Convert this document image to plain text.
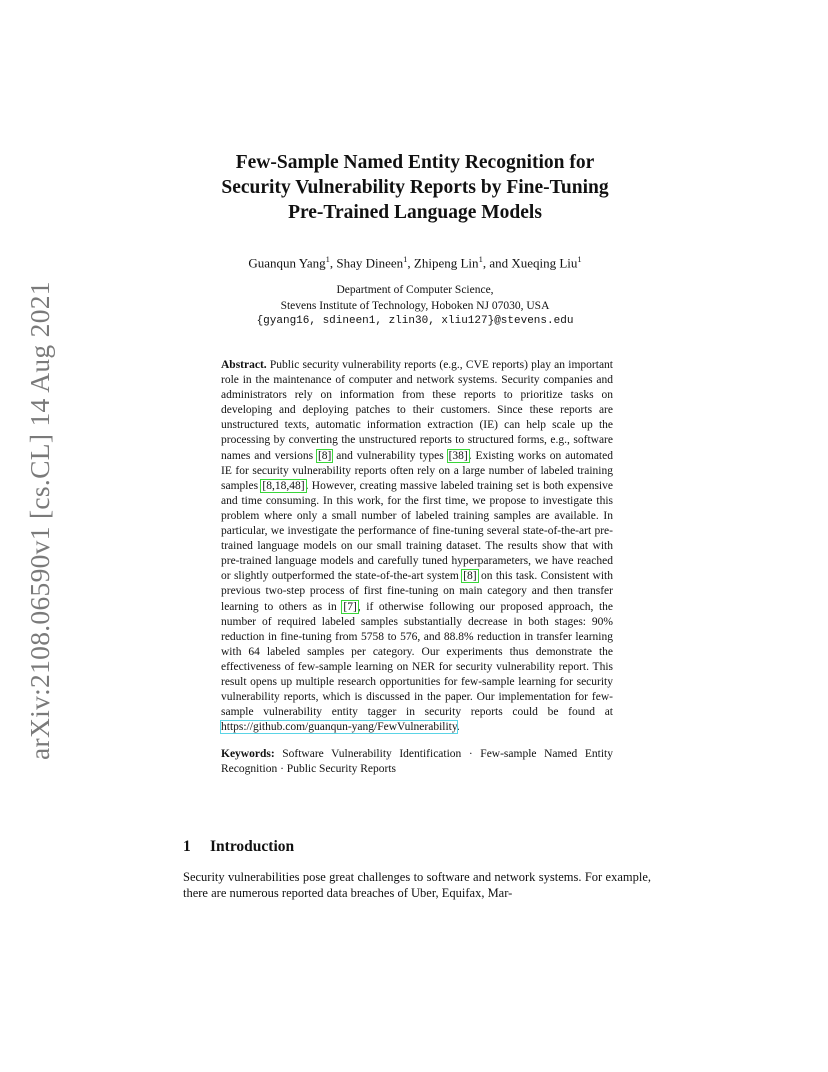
arXiv:2108.06590v1 [cs.CL] 14 Aug 2021
Few-Sample Named Entity Recognition for
Security Vulnerability Reports by Fine-Tuning
Pre-Trained Language Models
Guanqun Yang$^1$, Shay Dineen$^1$, Zhipeng Lin$^1$, and Xueqing Liu$^1$
Department of Computer Science,
Stevens Institute of Technology, Hoboken NJ 07030, USA
{gyang16, sdineen1, zlin30, xliu127}@stevens.edu

Abstract. Public security vulnerability reports (e.g., CVE reports) play an important role in the maintenance of computer and network systems. Security companies and administrators rely on information from these reports to prioritize tasks on developing and deploying patches to their customers. Since these reports are unstructured texts, automatic information extraction (IE) can help scale up the processing by converting the unstructured reports to structured forms, e.g., software names and versions [8] and vulnerability types [38]. Existing works on automated IE for security vulnerability reports often rely on a large number of labeled training samples [8,18,48]. However, creating massive labeled training set is both expensive and time consuming. In this work, for the first time, we propose to investigate this problem where only a small number of labeled training samples are available. In particular, we investigate the performance of fine-tuning several state-of-the-art pre-trained language models on our small training dataset. The results show that with pre-trained language models and carefully tuned hyperparameters, we have reached or slightly outperformed the state-of-the-art system [8] on this task. Consistent with previous two-step process of first fine-tuning on main category and then transfer learning to others as in [7], if otherwise following our proposed approach, the number of required labeled samples substantially decrease in both stages: 90% reduction in fine-tuning from 5758 to 576, and 88.8% reduction in transfer learning with 64 labeled samples per category. Our experiments thus demonstrate the effectiveness of few-sample learning on NER for security vulnerability report. This result opens up multiple research opportunities for few-sample learning for security vulnerability reports, which is discussed in the paper. Our implementation for few-sample vulnerability entity tagger in security reports could be found at https://github.com/guanqun-yang/FewVulnerability.

Keywords: Software Vulnerability Identification · Few-sample Named Entity Recognition · Public Security Reports

1 Introduction

Security vulnerabilities pose great challenges to software and network systems. For example, there are numerous reported data breaches of Uber, Equifax, Mar-
